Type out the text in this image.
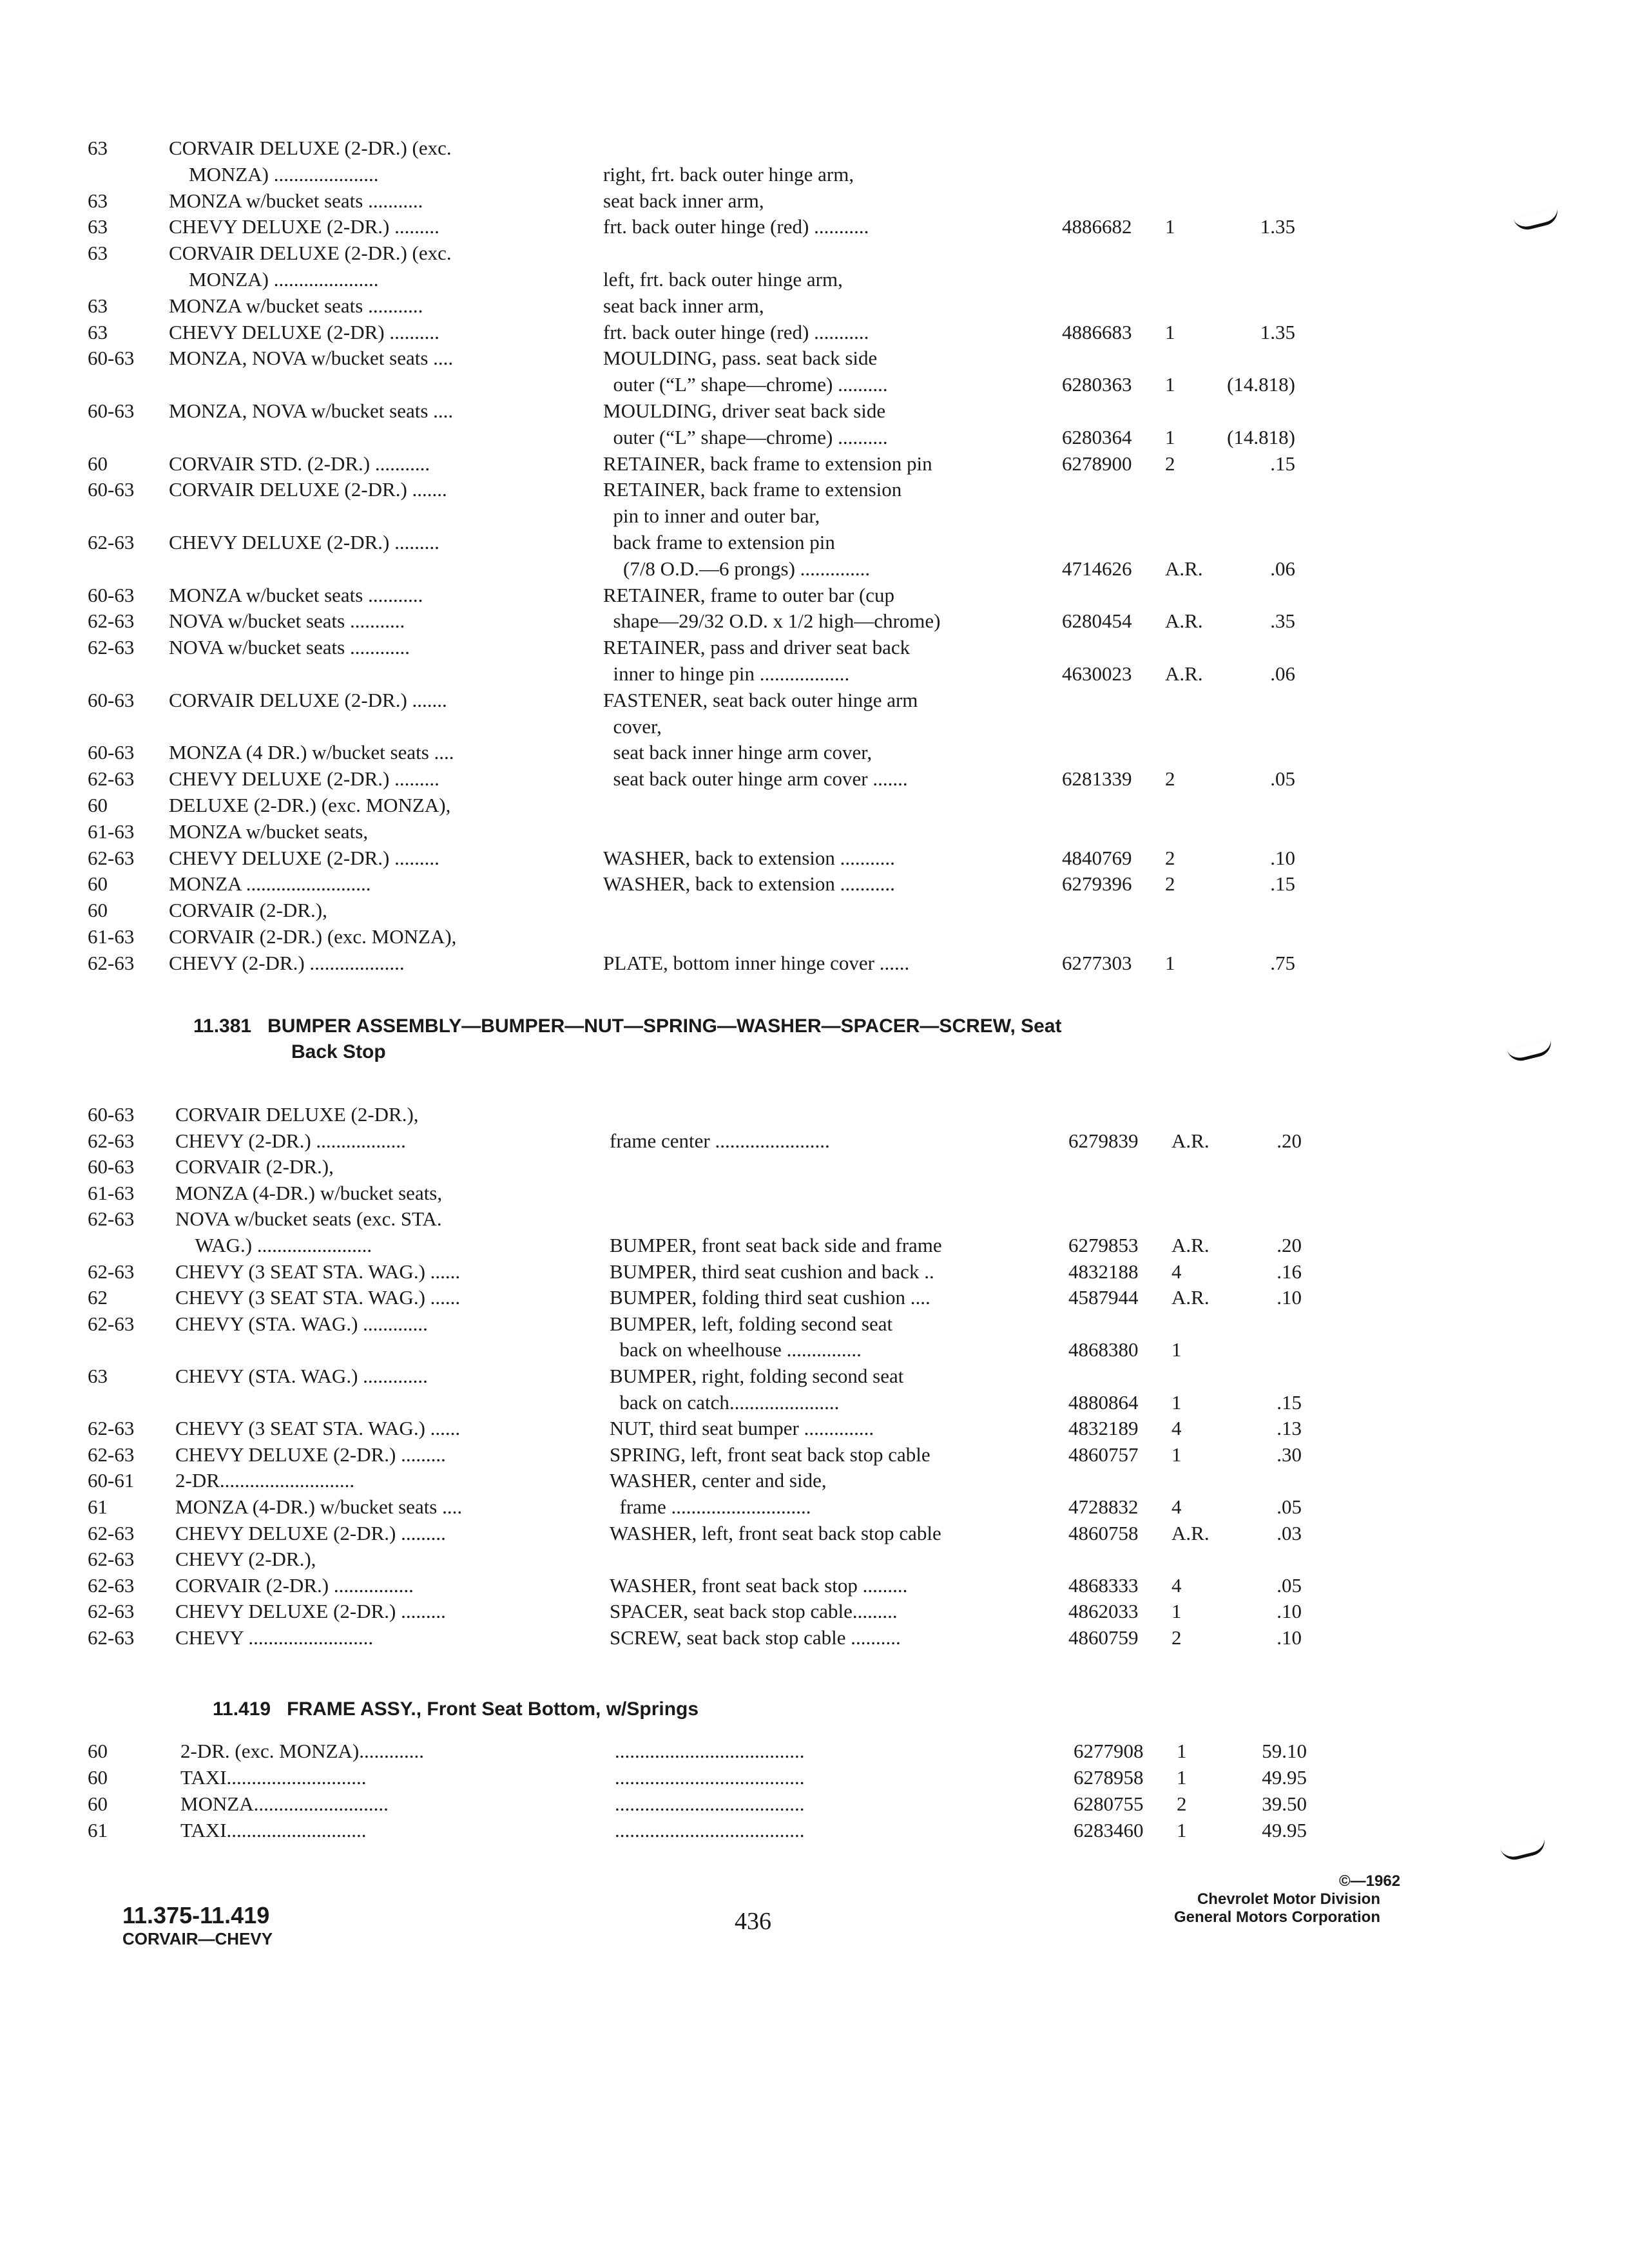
63	CORVAIR DELUXE (2-DR.) (exc.
MONZA) .....................	right, frt. back outer hinge arm,
63	MONZA w/bucket seats ...........	seat back inner arm,
63	CHEVY DELUXE (2-DR.) .........	frt. back outer hinge (red) ...........	4886682 1	1.35
63	CORVAIR DELUXE (2-DR.) (exc.
MONZA) .....................	left, frt. back outer hinge arm,
63	MONZA w/bucket seats ...........	seat back inner arm,
63	CHEVY DELUXE (2-DR) ..........	frt. back outer hinge (red) ...........	4886683 1	1.35
60-63 MONZA, NOVA w/bucket seats ....	MOULDING, pass. seat back side
outer (“L” shape—chrome) ..........	6280363 1	(14.818)
60-63 MONZA, NOVA w/bucket seats ....	MOULDING, driver seat back side
outer (“L” shape—chrome) ..........	6280364 1	(14.818)
60	CORVAIR STD. (2-DR.) ...........	RETAINER, back frame to extension pin	6278900 2	.15
60-63 CORVAIR DELUXE (2-DR.) .......	RETAINER, back frame to extension
pin to inner and outer bar,
62-63 CHEVY DELUXE (2-DR.) .........	back frame to extension pin
(7/8 O.D.—6 prongs) ..............	4714626 A.R.	.06
60-63 MONZA w/bucket seats ...........	RETAINER, frame to outer bar (cup
62-63 NOVA w/bucket seats ...........	shape—29/32 O.D. x 1/2 high—chrome)	6280454 A.R.	.35
62-63 NOVA w/bucket seats ............	RETAINER, pass and driver seat back
inner to hinge pin ..................	4630023 A.R.	.06
60-63 CORVAIR DELUXE (2-DR.) .......	FASTENER, seat back outer hinge arm
cover,
60-63 MONZA (4 DR.) w/bucket seats ....	seat back inner hinge arm cover,
62-63 CHEVY DELUXE (2-DR.) .........	seat back outer hinge arm cover .......	6281339 2	.05
60	DELUXE (2-DR.) (exc. MONZA),
61-63 MONZA w/bucket seats,
62-63 CHEVY DELUXE (2-DR.) .........	WASHER, back to extension ...........	4840769 2	.10
60	MONZA .........................	WASHER, back to extension ...........	6279396 2	.15
60	CORVAIR (2-DR.),
61-63 CORVAIR (2-DR.) (exc. MONZA),
62-63 CHEVY (2-DR.) ...................	PLATE, bottom inner hinge cover ......	6277303 1	.75
60-63 CORVAIR DELUXE (2-DR.),
62-63 CHEVY (2-DR.) ..................	frame center .......................	6279839 A.R.	.20
60-63 CORVAIR (2-DR.),
61-63 MONZA (4-DR.) w/bucket seats,
62-63 NOVA w/bucket seats (exc. STA.
WAG.) .......................	BUMPER, front seat back side and frame	6279853 A.R.	.20
62-63 CHEVY (3 SEAT STA. WAG.) ......	BUMPER, third seat cushion and back ..	4832188 4	.16
62	CHEVY (3 SEAT STA. WAG.) ......	BUMPER, folding third seat cushion ....	4587944 A.R.	.10
62-63 CHEVY (STA. WAG.) .............	BUMPER, left, folding second seat
back on wheelhouse ...............	4868380 1
63	CHEVY (STA. WAG.) .............	BUMPER, right, folding second seat
back on catch......................	4880864 1	.15
62-63 CHEVY (3 SEAT STA. WAG.) ......	NUT, third seat bumper ..............	4832189 4	.13
62-63 CHEVY DELUXE (2-DR.) .........	SPRING, left, front seat back stop cable	4860757 1	.30
60-61 2-DR...........................	WASHER, center and side,
61	MONZA (4-DR.) w/bucket seats ....	frame ............................	4728832 4	.05
62-63 CHEVY DELUXE (2-DR.) .........	WASHER, left, front seat back stop cable	4860758 A.R.	.03
62-63 CHEVY (2-DR.),
62-63 CORVAIR (2-DR.) ................	WASHER, front seat back stop .........	4868333 4	.05
62-63 CHEVY DELUXE (2-DR.) .........	SPACER, seat back stop cable.........	4862033 1	.10
62-63 CHEVY .........................	SCREW, seat back stop cable ..........	4860759 2	.10
60	2-DR. (exc. MONZA).............	......................................	6277908 1	59.10
60	TAXI............................	......................................	6278958 1	49.95
60	MONZA...........................	......................................	6280755 2	39.50
61	TAXI............................	......................................	6283460 1	49.95
11.381 BUMPER ASSEMBLY—BUMPER—NUT—SPRING—WASHER—SPACER—SCREW, Seat
Back Stop
11.419 FRAME ASSY., Front Seat Bottom, w/Springs
11.375-11.419
CORVAIR—CHEVY
436
©—1962
Chevrolet Motor Division
General Motors Corporation
